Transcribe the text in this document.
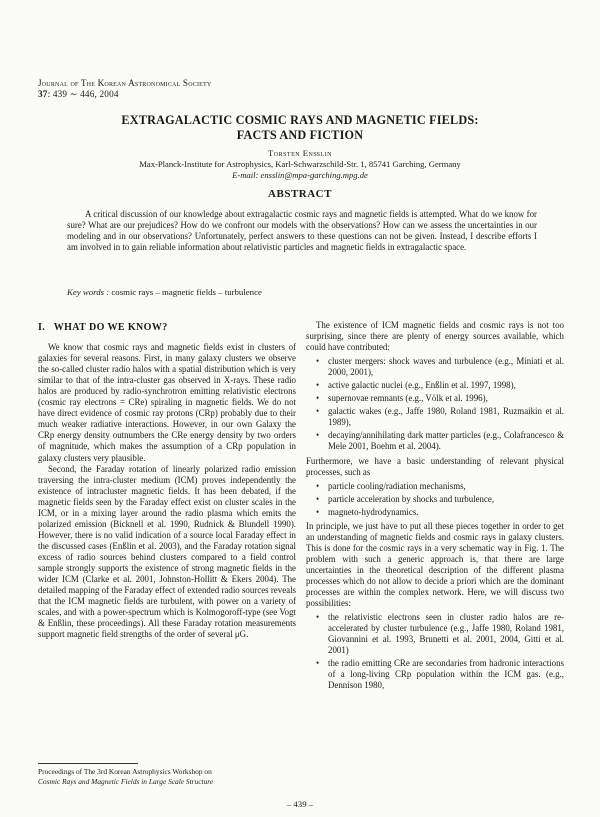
Journal of The Korean Astronomical Society
37: 439 ∼ 446, 2004
EXTRAGALACTIC COSMIC RAYS AND MAGNETIC FIELDS:
FACTS AND FICTION
Torsten Enßlin
Max-Planck-Institute for Astrophysics, Karl-Schwarzschild-Str. 1, 85741 Garching, Germany
E-mail: ensslin@mpa-garching.mpg.de
ABSTRACT

A critical discussion of our knowledge about extragalactic cosmic rays and magnetic fields is attempted. What do we know for sure? What are our prejudices? How do we confront our models with the observations? How can we assess the uncertainties in our modeling and in our observations? Unfortunately, perfect answers to these questions can not be given. Instead, I describe efforts I am involved in to gain reliable information about relativistic particles and magnetic fields in extragalactic space.

Key words : cosmic rays – magnetic fields – turbulence
I.   WHAT DO WE KNOW?

We know that cosmic rays and magnetic fields exist in clusters of galaxies for several reasons. First, in many galaxy clusters we observe the so-called cluster radio halos with a spatial distribution which is very similar to that of the intra-cluster gas observed in X-rays. These radio halos are produced by radio-synchrotron emitting relativistic electrons (cosmic ray electrons = CRe) spiraling in magnetic fields. We do not have direct evidence of cosmic ray protons (CRp) probably due to their much weaker radiative interactions. However, in our own Galaxy the CRp energy density outnumbers the CRe energy density by two orders of magnitude, which makes the assumption of a CRp population in galaxy clusters very plausible.

Second, the Faraday rotation of linearly polarized radio emission traversing the intra-cluster medium (ICM) proves independently the existence of intracluster magnetic fields. It has been debated, if the magnetic fields seen by the Faraday effect exist on cluster scales in the ICM, or in a mixing layer around the radio plasma which emits the polarized emission (Bicknell et al. 1990, Rudnick & Blundell 1990). However, there is no valid indication of a source local Faraday effect in the discussed cases (Enßlin et al. 2003), and the Faraday rotation signal excess of radio sources behind clusters compared to a field control sample strongly supports the existence of strong magnetic fields in the wider ICM (Clarke et al. 2001, Johnston-Hollitt & Ekers 2004). The detailed mapping of the Faraday effect of extended radio sources reveals that the ICM magnetic fields are turbulent, with power on a variety of scales, and with a power-spectrum which is Kolmogoroff-type (see Vogt & Enßlin, these proceedings). All these Faraday rotation measurements support magnetic field strengths of the order of several μG.

The existence of ICM magnetic fields and cosmic rays is not too surprising, since there are plenty of energy sources available, which could have contributed:

• cluster mergers: shock waves and turbulence (e.g., Miniati et al. 2000, 2001),
• active galactic nuclei (e.g., Enßlin et al. 1997, 1998),
• supernovae remnants (e.g., Völk et al. 1996),
• galactic wakes (e.g., Jaffe 1980, Roland 1981, Ruzmaikin et al. 1989),
• decaying/annihilating dark matter particles (e.g., Colafrancesco & Mele 2001, Boehm et al. 2004).

Furthermore, we have a basic understanding of relevant physical processes, such as

• particle cooling/radiation mechanisms,
• particle acceleration by shocks and turbulence,
• magneto-hydrodynamics.

In principle, we just have to put all these pieces together in order to get an understanding of magnetic fields and cosmic rays in galaxy clusters. This is done for the cosmic rays in a very schematic way in Fig. 1. The problem with such a generic approach is, that there are large uncertainties in the theoretical description of the different plasma processes which do not allow to decide a priori which are the dominant processes are within the complex network. Here, we will discuss two possibilities:

• the relativistic electrons seen in cluster radio halos are re-accelerated by cluster turbulence (e.g., Jaffe 1980, Roland 1981, Giovannini et al. 1993, Brunetti et al. 2001, 2004, Gitti et al. 2001)
• the radio emitting CRe are secondaries from hadronic interactions of a long-living CRp population within the ICM gas. (e.g., Dennison 1980,
Proceedings of The 3rd Korean Astrophysics Workshop on
Cosmic Rays and Magnetic Fields in Large Scale Structure
– 439 –
